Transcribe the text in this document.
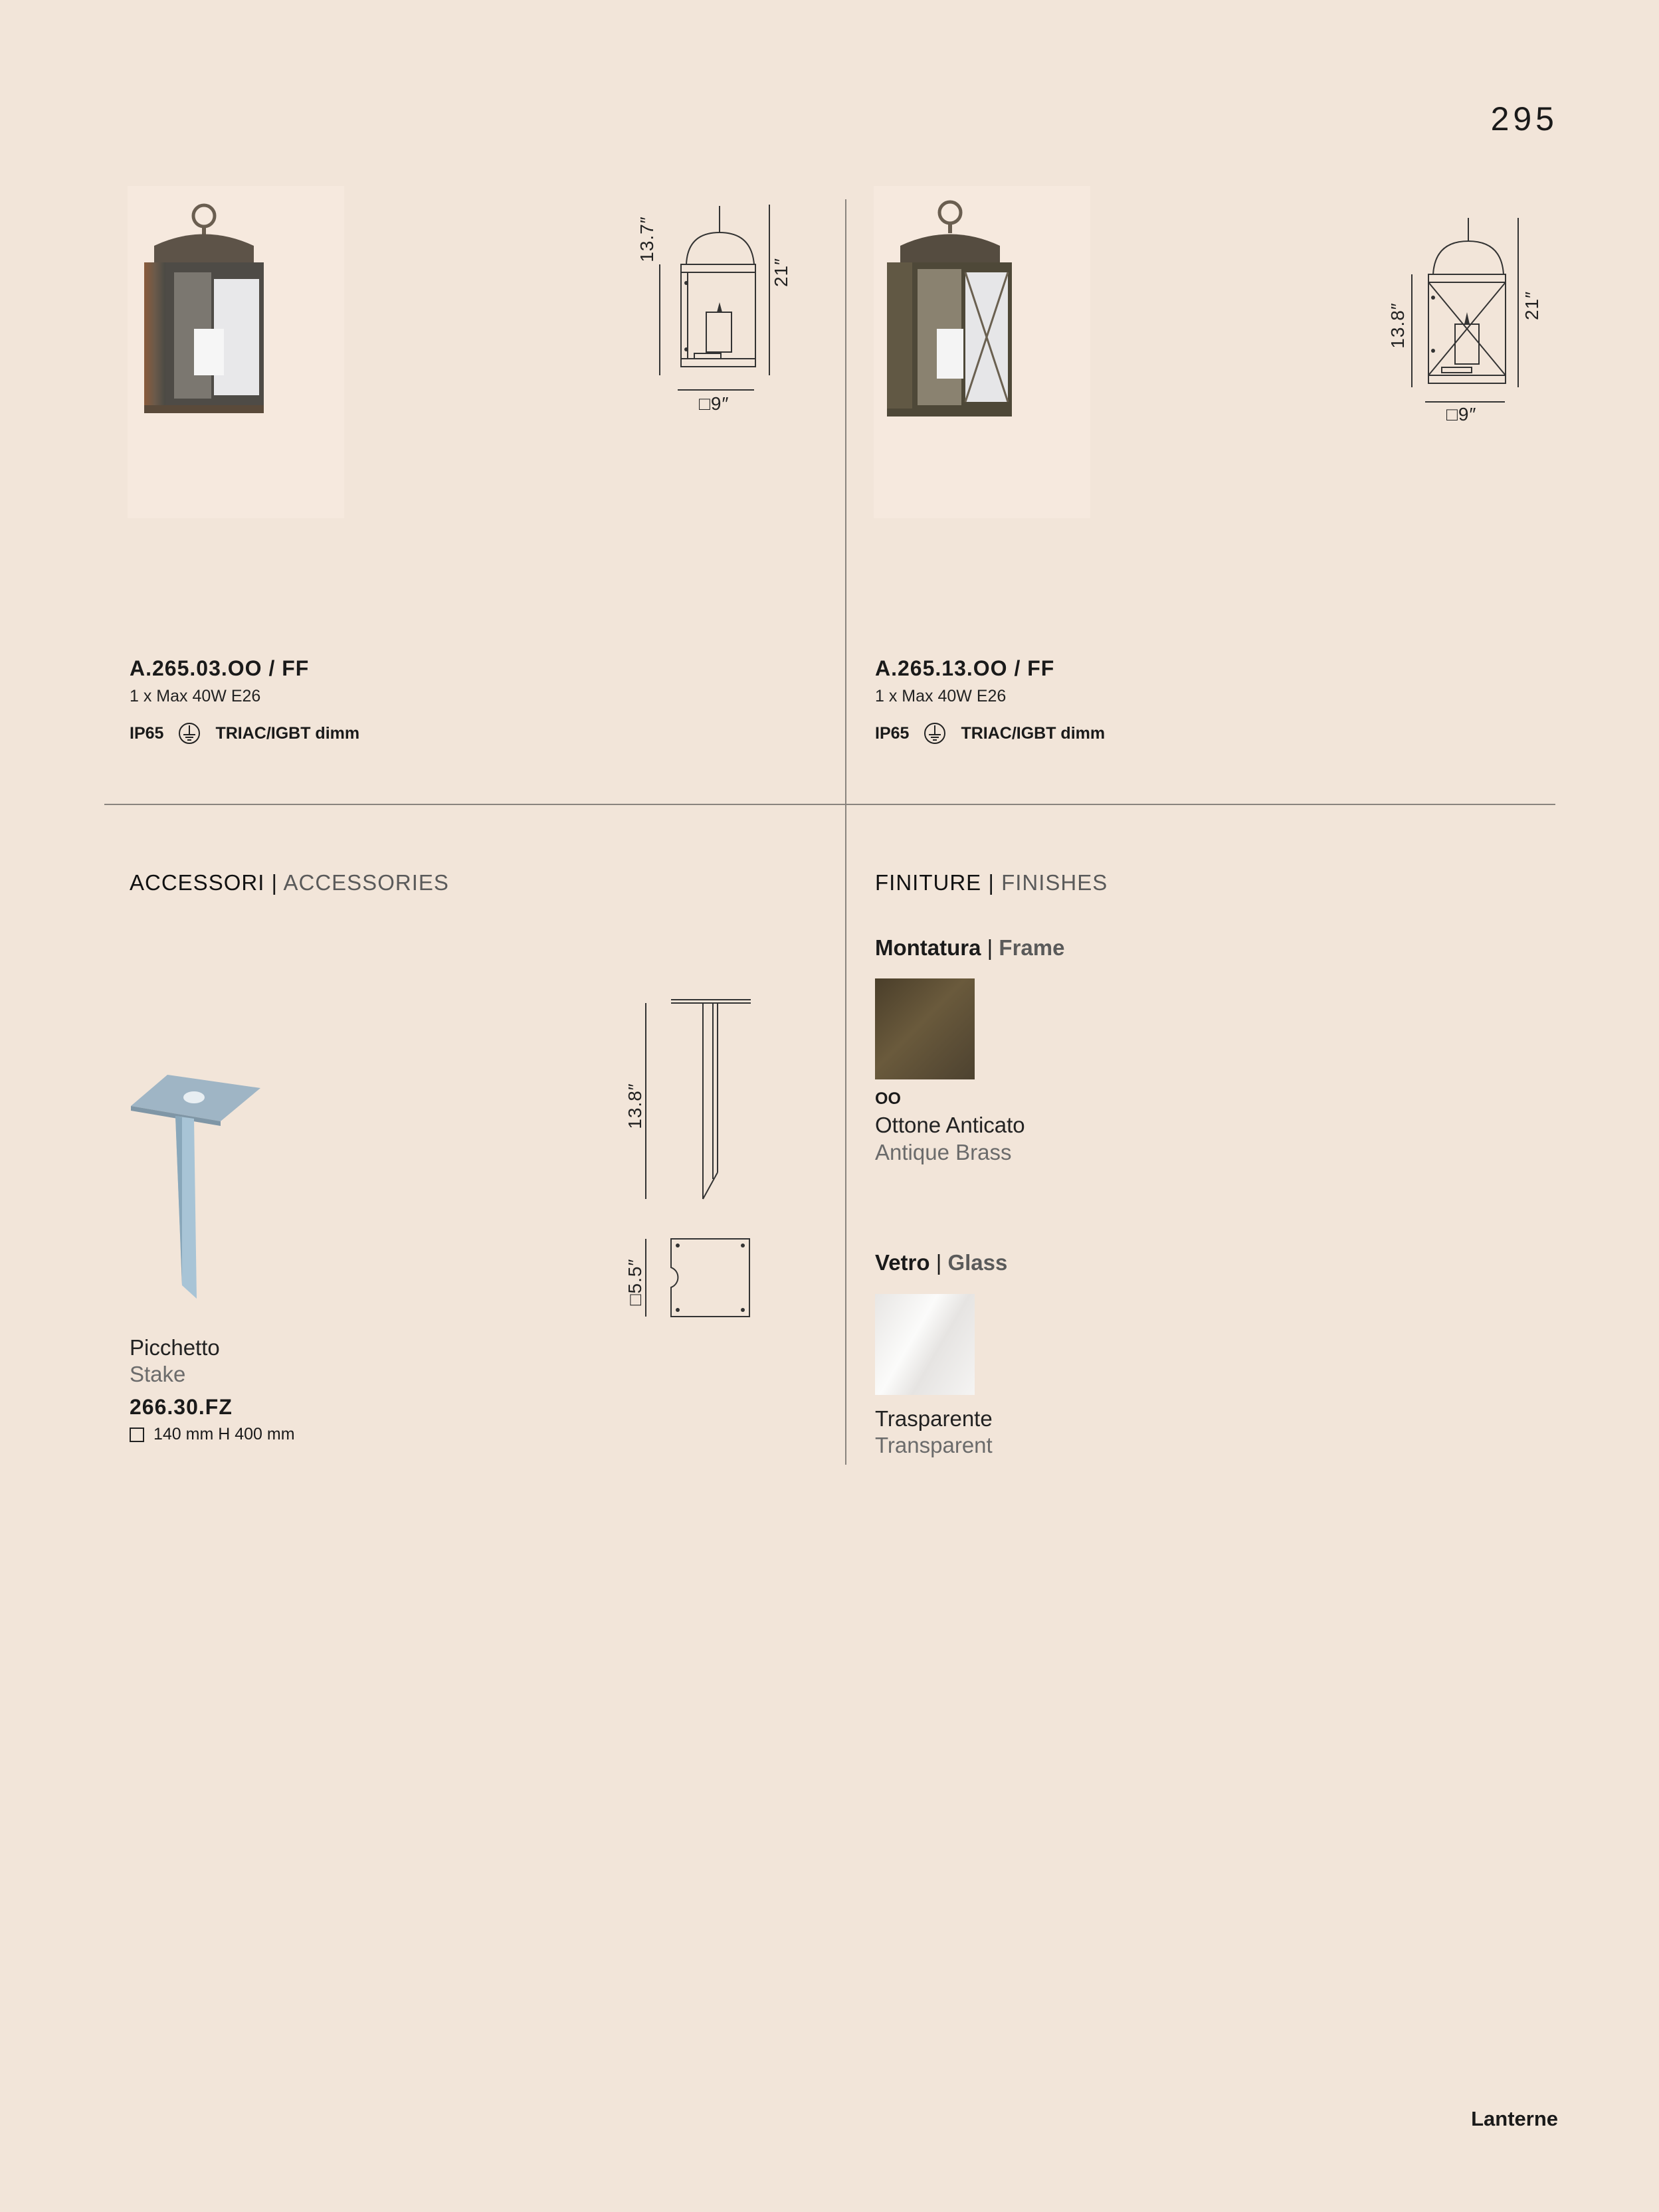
295
13.7″
21″
□9″
A.265.03.OO / FF
1 x Max 40W E26
IP65	TRIAC/IGBT dimm
13.8″	21″
□9″
A.265.13.OO / FF
1 x Max 40W E26
IP65	TRIAC/IGBT dimm
ACCESSORI | ACCESSORIES
13.8″
□5.5″
Picchetto
Stake
266.30.FZ
140 mm H 400 mm
FINITURE | FINISHES
Montatura | Frame
OO
Ottone Anticato
Antique Brass
Vetro | Glass
Trasparente
Transparent
Lanterne
